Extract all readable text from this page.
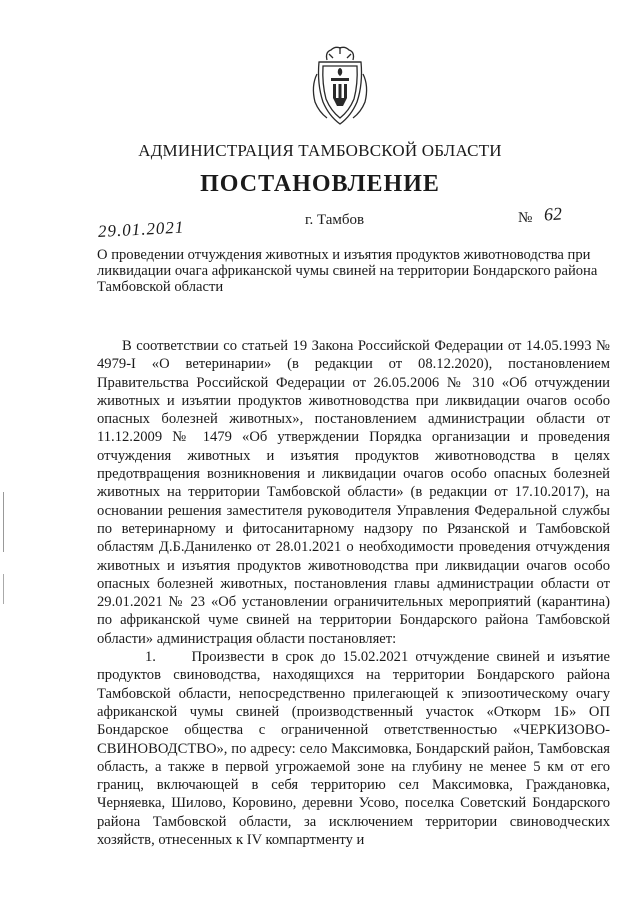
АДМИНИСТРАЦИЯ ТАМБОВСКОЙ ОБЛАСТИ
ПОСТАНОВЛЕНИЕ
29.01.2021	г. Тамбов	№ 62
О проведении отчуждения животных и изъятия продуктов животноводства при ликвидации очага африканской чумы свиней на территории Бондарского района Тамбовской области

В соответствии со статьей 19 Закона Российской Федерации от 14.05.1993 № 4979-I «О ветеринарии» (в редакции от 08.12.2020), постановлением Правительства Российской Федерации от 26.05.2006 № 310 «Об отчуждении животных и изъятии продуктов животноводства при ликвидации очагов особо опасных болезней животных», постановлением администрации области от 11.12.2009 № 1479 «Об утверждении Порядка организации и проведения отчуждения животных и изъятия продуктов животноводства в целях предотвращения возникновения и ликвидации очагов особо опасных болезней животных на территории Тамбовской области» (в редакции от 17.10.2017), на основании решения заместителя руководителя Управления Федеральной службы по ветеринарному и фитосанитарному надзору по Рязанской и Тамбовской областям Д.Б.Даниленко от 28.01.2021 о необходимости проведения отчуждения животных и изъятия продуктов животноводства при ликвидации очагов особо опасных болезней животных, постановления главы администрации области от 29.01.2021 № 23 «Об установлении ограничительных мероприятий (карантина) по африканской чуме свиней на территории Бондарского района Тамбовской области» администрация области постановляет:

1. Произвести в срок до 15.02.2021 отчуждение свиней и изъятие продуктов свиноводства, находящихся на территории Бондарского района Тамбовской области, непосредственно прилегающей к эпизоотическому очагу африканской чумы свиней (производственный участок «Откорм 1Б» ОП Бондарское общества с ограниченной ответственностью «ЧЕРКИЗОВО-СВИНОВОДСТВО», по адресу: село Максимовка, Бондарский район, Тамбовская область, а также в первой угрожаемой зоне на глубину не менее 5 км от его границ, включающей в себя территорию сел Максимовка, Граждановка, Черняевка, Шилово, Коровино, деревни Усово, поселка Советский Бондарского района Тамбовской области, за исключением территории свиноводческих хозяйств, отнесенных к IV компартменту и
